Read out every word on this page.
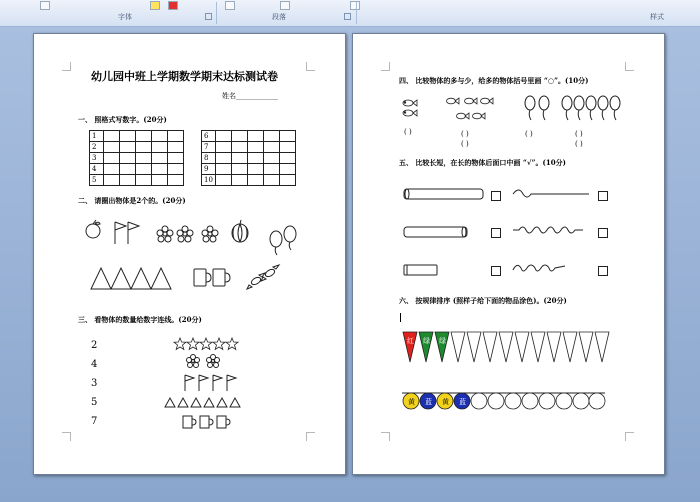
字体	段落	样式
幼儿园中班上学期数学期末达标测试卷
姓名____________
一、 照格式写数字。(20分)
1					
2					
3					
4					
5					
6					
7					
8					
9					
10					
二、 请圈出物体是2个的。(20分)
三、 看物体的数量给数字连线。(20分)
2
4
3
5
7
四、 比较物体的多与少，给多的物体括号里画 “○”。(10分)
( )	( )	( )	( )
( )	( )
五、 比较长短，在长的物体后面口中画 “√”。(10分)
六、 按规律排序 (照样子给下面的物品涂色)。(20分)
红 绿 绿
黄 蓝 黄 蓝
